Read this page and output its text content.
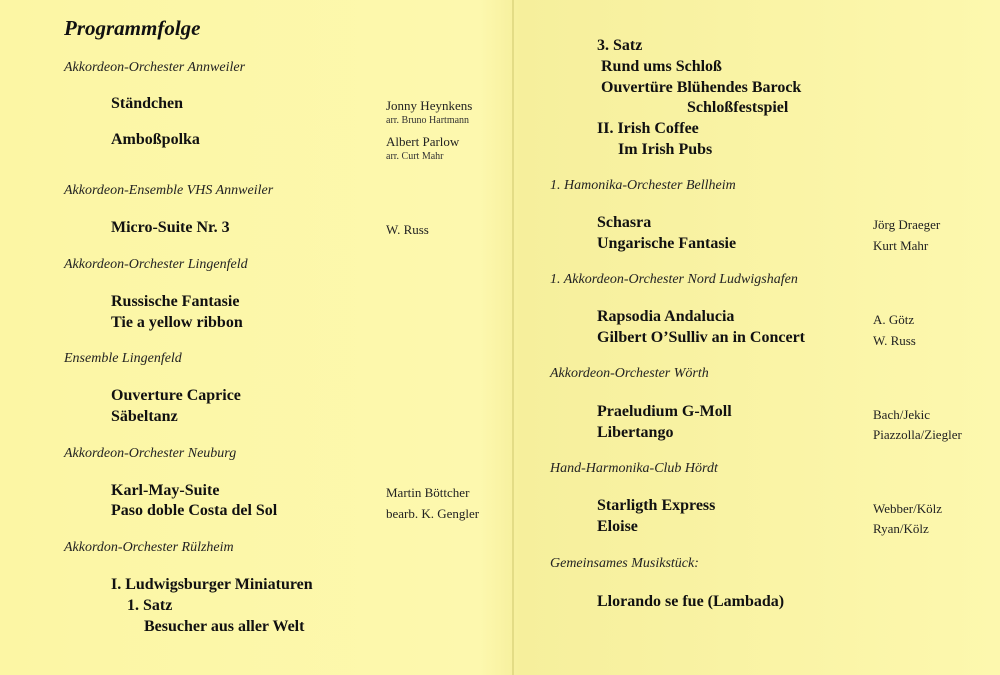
Programmfolge
Akkordeon-Orchester Annweiler
Ständchen	Jonny Heynkens
arr. Bruno Hartmann
Amboßpolka	Albert Parlow
arr. Curt Mahr
Akkordeon-Ensemble VHS Annweiler
Micro-Suite Nr. 3	W. Russ
Akkordeon-Orchester Lingenfeld
Russische Fantasie
Tie a yellow ribbon
Ensemble Lingenfeld
Ouverture Caprice
Säbeltanz
Akkordeon-Orchester Neuburg
Karl-May-Suite	Martin Böttcher
Paso doble Costa del Sol	bearb. K. Gengler
Akkordon-Orchester Rülzheim
I. Ludwigsburger Miniaturen
1. Satz
Besucher aus aller Welt
3. Satz
Rund ums Schloß
Ouvertüre Blühendes Barock
Schloßfestspiel
II. Irish Coffee
Im Irish Pubs
1. Hamonika-Orchester Bellheim
Schasra	Jörg Draeger
Ungarische Fantasie	Kurt Mahr
1. Akkordeon-Orchester Nord Ludwigshafen
Rapsodia Andalucia	A. Götz
Gilbert O’Sulliv an in Concert	W. Russ
Akkordeon-Orchester Wörth
Praeludium G-Moll	Bach/Jekic
Libertango	Piazzolla/Ziegler
Hand-Harmonika-Club Hördt
Starligth Express	Webber/Kölz
Eloise	Ryan/Kölz
Gemeinsames Musikstück:
Llorando se fue (Lambada)
